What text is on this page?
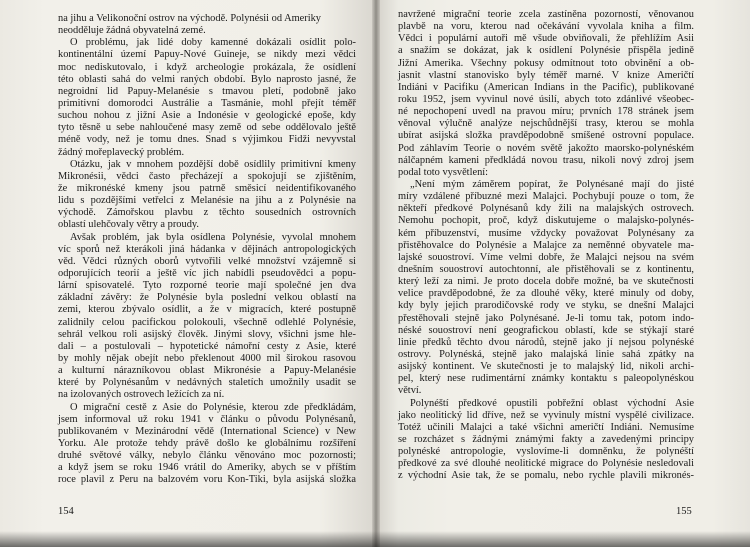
na jihu a Velikonoční ostrov na východě. Polynésii od Ameriky
neodděluje žádná obyvatelná zemé.
O problému, jak lidé doby kamenné dokázali osídlit polo-
kontinentální území Papuy-Nové Guineje, se nikdy mezi vědci
moc nediskutovalo, i když archeologie prokázala, že osídlení
této oblasti sahá do velmi raných období. Bylo naprosto jasné, že
negroidní lid Papuy-Melanésie s tmavou pletí, podobně jako
primitivní domorodci Austrálie a Tasmánie, mohl přejít téměř
suchou nohou z jižní Asie a Indonésie v geologické epoše, kdy
tyto těsně u sebe nahloučené masy země od sebe oddělovalo ještě
méně vody, než je tomu dnes. Snad s výjimkou Fidži nevyvstal
žádný mořeplavecký problém.
Otázku, jak v mnohem pozdější době osídlily primitivní kmeny
Mikronésii, vědci často přecházejí a spokojují se zjištěním,
že mikronéské kmeny jsou patrně směsicí neidentifikovaného
lidu s pozdějšími vetřelci z Melanésie na jihu a z Polynésie na
východě. Zámořskou plavbu z těchto sousedních ostrovních
oblastí ulehčovaly větry a proudy.
Avšak problém, jak byla osídlena Polynésie, vyvolal mnohem
víc sporů než kterákoli jiná hádanka v dějinách antropologických
věd. Vědci různých oborů vytvořili velké množství vzájemně si
odporujících teorií a ještě víc jich nabídli pseudovědci a popu-
lární spisovatelé. Tyto rozporné teorie mají společné jen dva
základní závěry: že Polynésie byla poslední velkou oblastí na
zemi, kterou zbývalo osídlit, a že v migracích, které postupně
zalidnily celou pacifickou polokouli, všechně odlehlé Polynésie,
sehrál velkou roli asijský člověk. Jinými slovy, všichni jsme hle-
dali – a postulovali – hypotetické námořní cesty z Asie, které
by mohly nějak obejít nebo překlenout 4000 mil širokou rasovou
a kulturní nárazníkovou oblast Mikronésie a Papuy-Melanésie
které by Polynésanům v nedávných staletích umožnily usadit se
na izolovaných ostrovech ležících za ní.
O migrační cestě z Asie do Polynésie, kterou zde předkládám,
jsem informoval už roku 1941 v článku o původu Polynésanů,
publikovaném v Mezinárodní vědě (International Science) v New
Yorku. Ale protože tehdy právě došlo ke globálnímu rozšíření
druhé světové války, nebylo článku věnováno moc pozornosti;
a když jsem se roku 1946 vrátil do Ameriky, abych se v příštím
roce plavil z Peru na balzovém voru Kon-Tiki, byla asijská složka
154
navržené migrační teorie zcela zastíněna pozorností, věnovanou
plavbě na voru, kterou nad očekávání vyvolala kniha a film.
Vědci i populární autoři mě všude obviňovali, že přehlížím Asii
a snažím se dokázat, jak k osídlení Polynésie přispěla jedině
Jižní Amerika. Všechny pokusy odmítnout toto obvinění a ob-
jasnit vlastní stanovisko byly téměř marné. V knize Američtí
Indiáni v Pacifiku (American Indians in the Pacific), publikované
roku 1952, jsem vyvinul nové úsilí, abych toto zdánlivé všeobec-
né nepochopení uvedl na pravou míru; prvních 178 stránek jsem
věnoval výlučně analýze nejschůdnější trasy, kterou se mohla
ubírat asijská složka pravděpodobně smíšené ostrovní populace.
Pod záhlavím Teorie o novém světě jakožto maorsko-polynéském
nálčapném kameni předkládá novou trasu, nikoli nový zdroj jsem
podal toto vysvětlení:
„Není mým záměrem popírat, že Polynésané mají do jisté
míry vzdálené příbuzné mezi Malajci. Pochybují pouze o tom, že
někteří předkové Polynésanů kdy žili na malajských ostrovech.
Nemohu pochopit, proč, když diskutujeme o malajsko-polynés-
kém příbuzenství, musíme vždycky považovat Polynésany za
přistěhovalce do Polynésie a Malajce za neměnné obyvatele ma-
lajské souostroví. Víme velmi dobře, že Malajci nejsou na svém
dnešním souostroví autochtonní, ale přistěhovali se z kontinentu,
který leží za nimi. Je proto docela dobře možné, ba ve skutečnosti
velice pravděpodobné, že za dlouhé věky, které minuly od doby,
kdy byly jejich prarodičovské rody ve styku, se dnešní Malajci
přestěhovali stejně jako Polynésané. Je-li tomu tak, potom indo-
néské souostroví není geografickou oblastí, kde se stýkají staré
linie předků těchto dvou národů, stejně jako jí nejsou polynéské
ostrovy. Polynéská, stejně jako malajská linie sahá zpátky na
asijský kontinent. Ve skutečnosti je to malajský lid, nikoli archi-
pel, který nese rudimentární známky kontaktu s paleopolynéskou
větví.
Polynéští předkové opustili pobřežní oblast východní Asie
jako neolitický lid dříve, než se vyvinuly místní vyspělé civilizace.
Totéž učinili Malajci a také všichni američtí Indiáni. Nemusíme
se rozcházet s žádnými známými fakty a zavedenými principy
polynéské antropologie, vyslovíme-li domněnku, že polynéští
předkové za své dlouhé neolitické migrace do Polynésie nesledovali
z východní Asie tak, že se pomalu, nebo rychle plavili mikronés-
155
